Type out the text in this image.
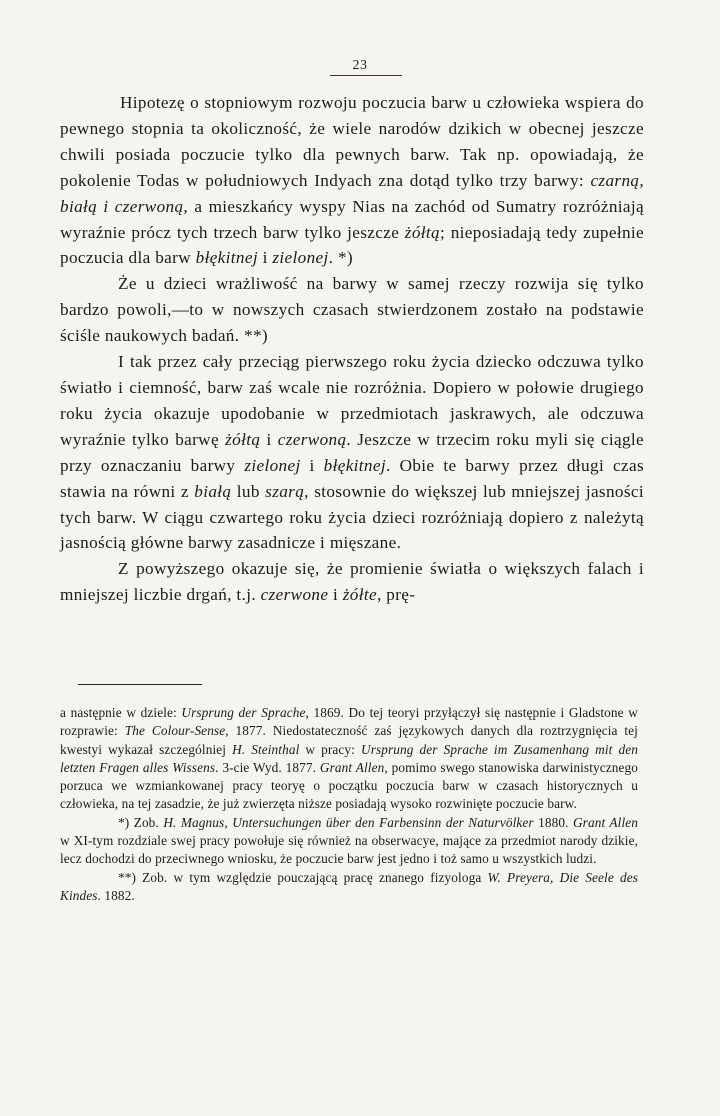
23

Hipotezę o stopniowym rozwoju poczucia barw u człowieka wspiera do pewnego stopnia ta okoliczność, że wiele narodów dzikich w obecnej jeszcze chwili posiada poczucie tylko dla pewnych barw. Tak np. opowiadają, że pokolenie Todas w południowych Indyach zna dotąd tylko trzy barwy: czarną, białą i czerwoną, a mieszkańcy wyspy Nias na zachód od Sumatry rozróżniają wyraźnie prócz tych trzech barw tylko jeszcze żółtą; nieposiadają tedy zupełnie poczucia dla barw błękitnej i zielonej. *)

Że u dzieci wrażliwość na barwy w samej rzeczy rozwija się tylko bardzo powoli,—to w nowszych czasach stwierdzonem zostało na podstawie ściśle naukowych badań. **)

I tak przez cały przeciąg pierwszego roku życia dziecko odczuwa tylko światło i ciemność, barw zaś wcale nie rozróżnia. Dopiero w połowie drugiego roku życia okazuje upodobanie w przedmiotach jaskrawych, ale odczuwa wyraźnie tylko barwę żółtą i czerwoną. Jeszcze w trzecim roku myli się ciągle przy oznaczaniu barwy zielonej i błękitnej. Obie te barwy przez długi czas stawia na równi z białą lub szarą, stosownie do większej lub mniejszej jasności tych barw. W ciągu czwartego roku życia dzieci rozróżniają dopiero z należytą jasnością główne barwy zasadnicze i mięszane.

Z powyższego okazuje się, że promienie światła o większych falach i mniejszej liczbie drgań, t.j. czerwone i żółte, prę-

a następnie w dziele: Ursprung der Sprache, 1869. Do tej teoryi przyłączył się następnie i Gladstone w rozprawie: The Colour-Sense, 1877. Niedostateczność zaś językowych danych dla roztrzygnięcia tej kwestyi wykazał szczególniej H. Steinthal w pracy: Ursprung der Sprache im Zusamenhang mit den letzten Fragen alles Wissens. 3-cie Wyd. 1877. Grant Allen, pomimo swego stanowiska darwinistycznego porzuca we wzmiankowanej pracy teoryę o początku poczucia barw w czasach historycznych u człowieka, na tej zasadzie, że już zwierzęta niższe posiadają wysoko rozwinięte poczucie barw.

*) Zob. H. Magnus, Untersuchungen über den Farbensinn der Naturvölker 1880. Grant Allen w XI-tym rozdziale swej pracy powołuje się również na obserwacye, mające za przedmiot narody dzikie, lecz dochodzi do przeciwnego wniosku, że poczucie barw jest jedno i toż samo u wszystkich ludzi.

**) Zob. w tym względzie pouczającą pracę znanego fizyologa W. Preyera, Die Seele des Kindes. 1882.
